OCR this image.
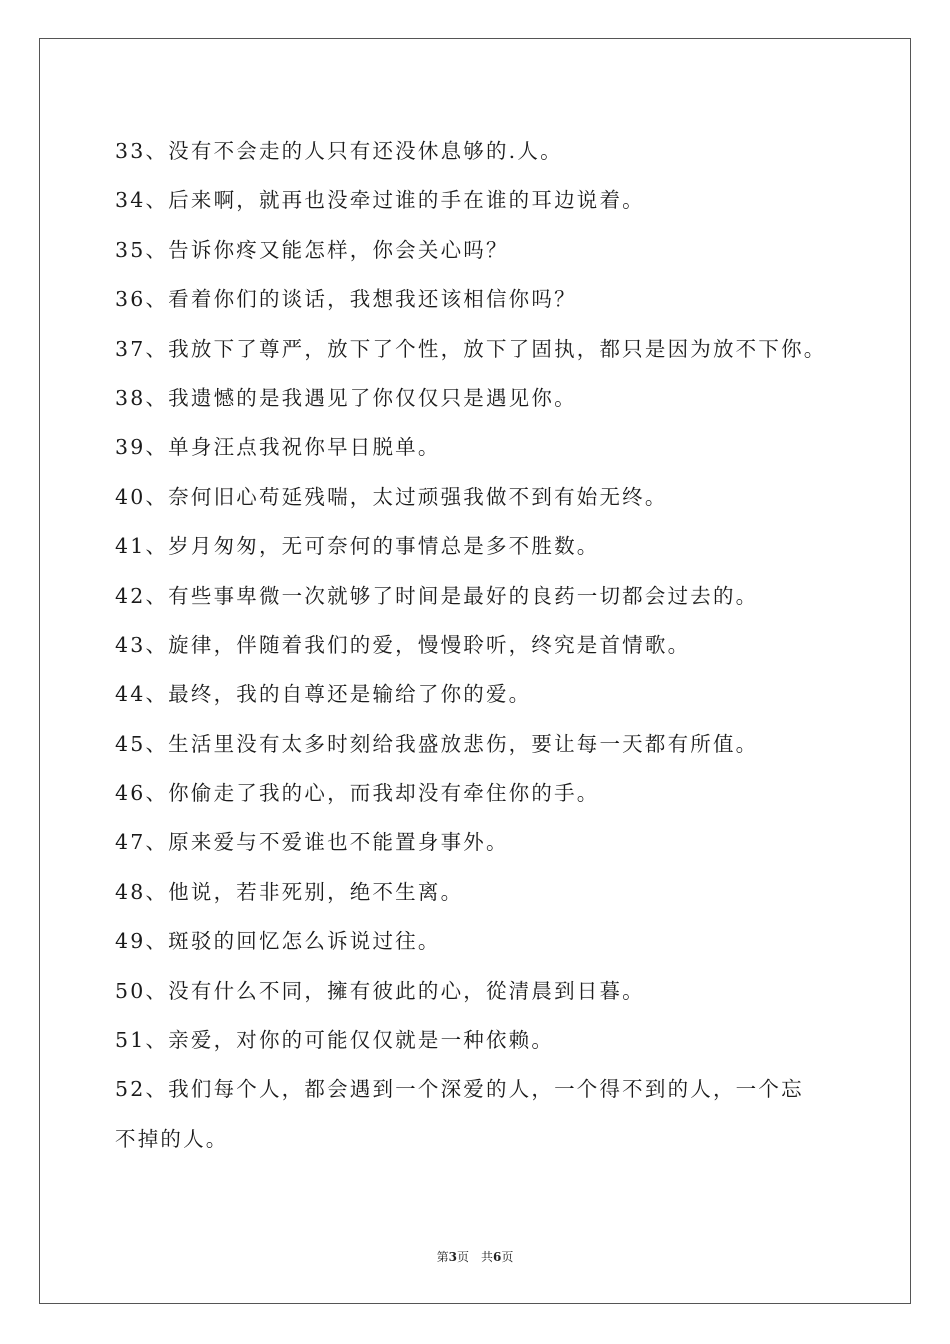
33、没有不会走的人只有还没休息够的.人。
34、后来啊，就再也没牵过谁的手在谁的耳边说着。
35、告诉你疼又能怎样，你会关心吗？
36、看着你们的谈话，我想我还该相信你吗？
37、我放下了尊严，放下了个性，放下了固执，都只是因为放不下你。
38、我遗憾的是我遇见了你仅仅只是遇见你。
39、单身汪点我祝你早日脱单。
40、奈何旧心苟延残喘，太过顽强我做不到有始无终。
41、岁月匆匆，无可奈何的事情总是多不胜数。
42、有些事卑微一次就够了时间是最好的良药一切都会过去的。
43、旋律，伴随着我们的爱，慢慢聆听，终究是首情歌。
44、最终，我的自尊还是输给了你的爱。
45、生活里没有太多时刻给我盛放悲伤，要让每一天都有所值。
46、你偷走了我的心，而我却没有牵住你的手。
47、原来爱与不爱谁也不能置身事外。
48、他说，若非死别，绝不生离。
49、斑驳的回忆怎么诉说过往。
50、没有什么不同，擁有彼此的心，從清晨到日暮。
51、亲爱，对你的可能仅仅就是一种依赖。
52、我们每个人，都会遇到一个深爱的人，一个得不到的人，一个忘
不掉的人。
第3页 共6页
